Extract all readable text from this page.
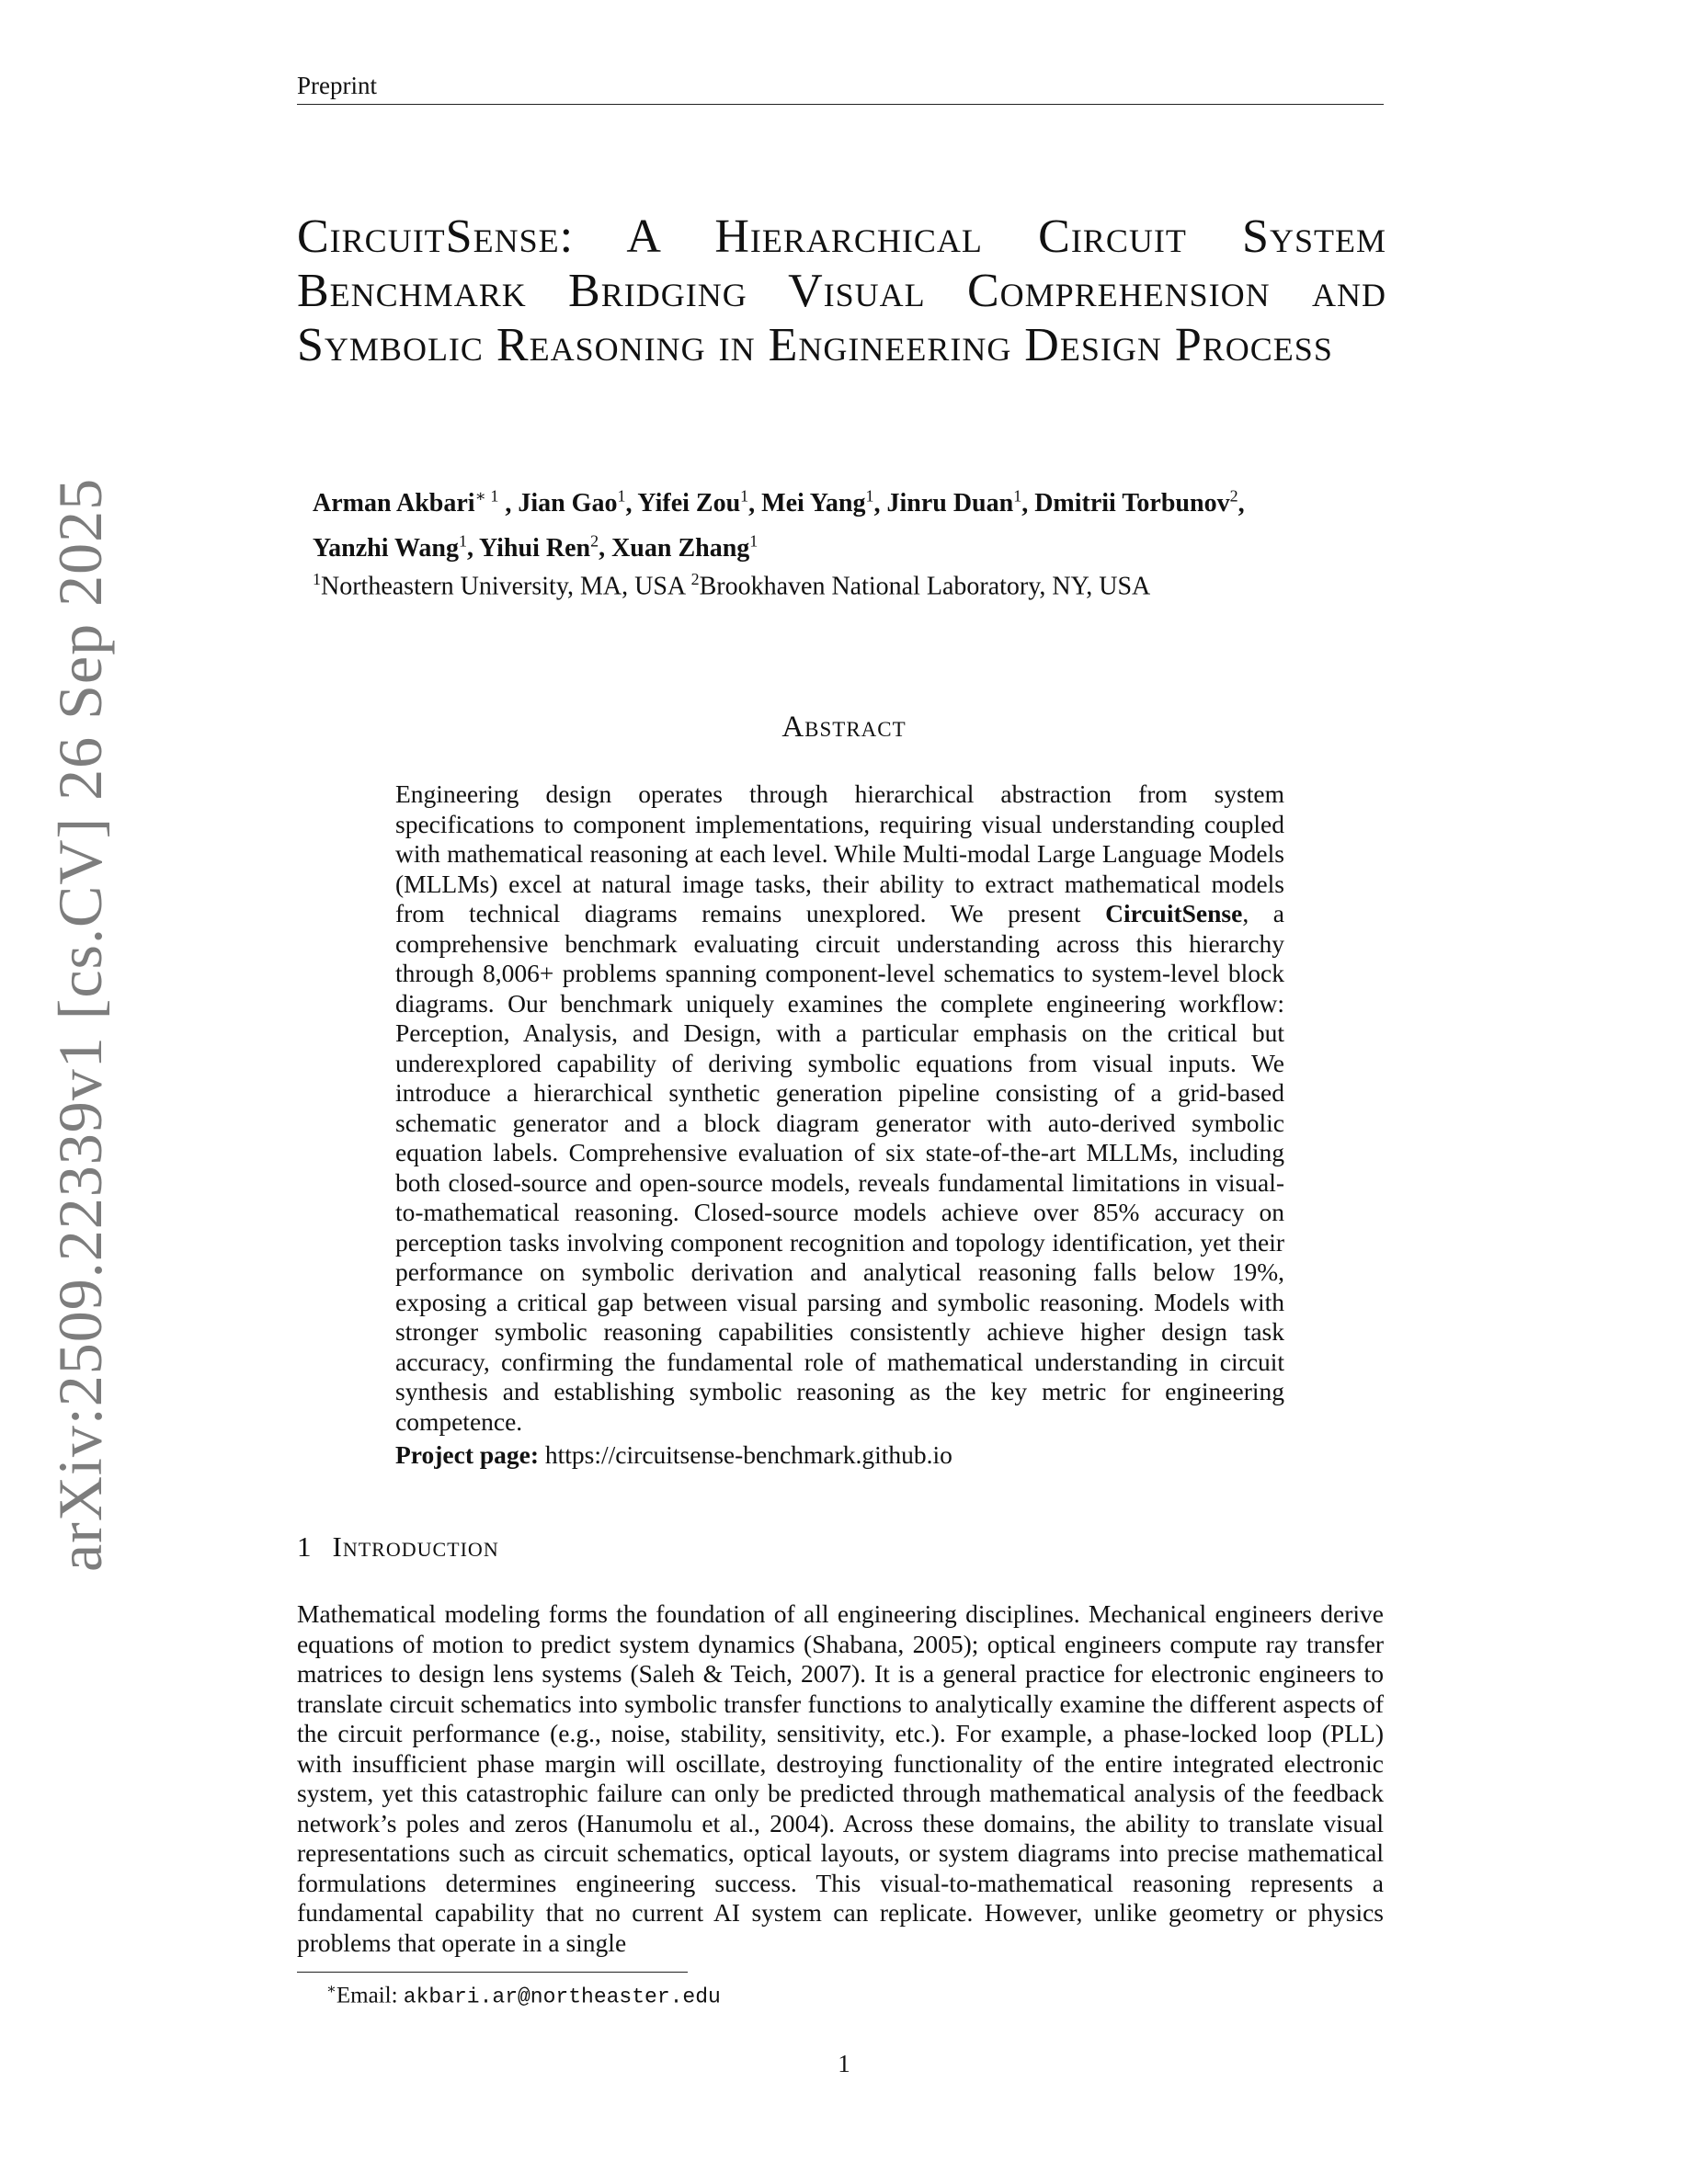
Preprint
arXiv:2509.22339v1 [cs.CV] 26 Sep 2025
CircuitSense: A Hierarchical Circuit System Benchmark Bridging Visual Comprehension and Symbolic Reasoning in Engineering Design Process
Arman Akbari$^{∗ 1}$ , Jian Gao$^1$, Yifei Zou$^1$, Mei Yang$^1$, Jinru Duan$^1$, Dmitrii Torbunov$^2$,
Yanzhi Wang$^1$, Yihui Ren$^2$, Xuan Zhang$^1$
$^1$Northeastern University, MA, USA $^2$Brookhaven National Laboratory, NY, USA
Abstract

Engineering design operates through hierarchical abstraction from system specifications to component implementations, requiring visual understanding coupled with mathematical reasoning at each level. While Multi-modal Large Language Models (MLLMs) excel at natural image tasks, their ability to extract mathematical models from technical diagrams remains unexplored. We present CircuitSense, a comprehensive benchmark evaluating circuit understanding across this hierarchy through 8,006+ problems spanning component-level schematics to system-level block diagrams. Our benchmark uniquely examines the complete engineering workflow: Perception, Analysis, and Design, with a particular emphasis on the critical but underexplored capability of deriving symbolic equations from visual inputs. We introduce a hierarchical synthetic generation pipeline consisting of a grid-based schematic generator and a block diagram generator with auto-derived symbolic equation labels. Comprehensive evaluation of six state-of-the-art MLLMs, including both closed-source and open-source models, reveals fundamental limitations in visual-to-mathematical reasoning. Closed-source models achieve over 85% accuracy on perception tasks involving component recognition and topology identification, yet their performance on symbolic derivation and analytical reasoning falls below 19%, exposing a critical gap between visual parsing and symbolic reasoning. Models with stronger symbolic reasoning capabilities consistently achieve higher design task accuracy, confirming the fundamental role of mathematical understanding in circuit synthesis and establishing symbolic reasoning as the key metric for engineering competence.

Project page: https://circuitsense-benchmark.github.io

1 Introduction

Mathematical modeling forms the foundation of all engineering disciplines. Mechanical engineers derive equations of motion to predict system dynamics (Shabana, 2005); optical engineers compute ray transfer matrices to design lens systems (Saleh & Teich, 2007). It is a general practice for electronic engineers to translate circuit schematics into symbolic transfer functions to analytically examine the different aspects of the circuit performance (e.g., noise, stability, sensitivity, etc.). For example, a phase-locked loop (PLL) with insufficient phase margin will oscillate, destroying functionality of the entire integrated electronic system, yet this catastrophic failure can only be predicted through mathematical analysis of the feedback network’s poles and zeros (Hanumolu et al., 2004). Across these domains, the ability to translate visual representations such as circuit schematics, optical layouts, or system diagrams into precise mathematical formulations determines engineering success. This visual-to-mathematical reasoning represents a fundamental capability that no current AI system can replicate. However, unlike geometry or physics problems that operate in a single

∗Email: akbari.ar@northeaster.edu
1
